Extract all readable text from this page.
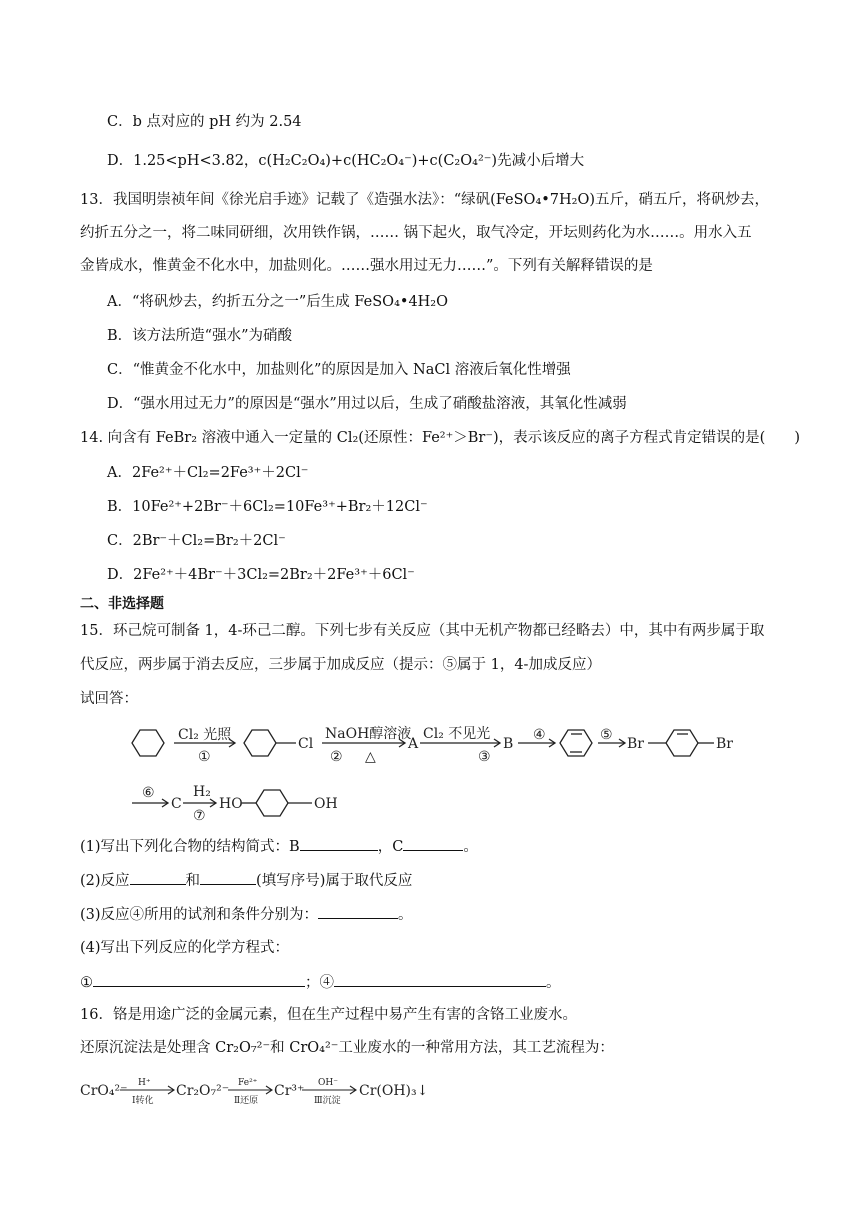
C．b 点对应的 pH 约为 2.54
D．1.25<pH<3.82，c(H₂C₂O₄)+c(HC₂O₄⁻)+c(C₂O₄²⁻)先减小后增大
13．我国明崇祯年间《徐光启手迹》记载了《造强水法》：“绿矾(FeSO₄•7H₂O)五斤，硝五斤，将矾炒去，
约折五分之一，将二味同研细，次用铁作锅，…… 锅下起火，取气冷定，开坛则药化为水……。用水入五
金皆成水，惟黄金不化水中，加盐则化。……强水用过无力……”。下列有关解释错误的是
A．“将矾炒去，约折五分之一”后生成 FeSO₄•4H₂O
B．该方法所造“强水”为硝酸
C．“惟黄金不化水中，加盐则化”的原因是加入 NaCl 溶液后氧化性增强
D．“强水用过无力”的原因是“强水”用过以后，生成了硝酸盐溶液，其氧化性减弱
14. 向含有 FeBr₂ 溶液中通入一定量的 Cl₂(还原性：Fe²⁺＞Br⁻)，表示该反应的离子方程式肯定错误的是(　　)
A．2Fe²⁺＋Cl₂=2Fe³⁺＋2Cl⁻
B．10Fe²⁺+2Br⁻＋6Cl₂=10Fe³⁺+Br₂＋12Cl⁻
C．2Br⁻＋Cl₂=Br₂＋2Cl⁻
D．2Fe²⁺＋4Br⁻＋3Cl₂=2Br₂＋2Fe³⁺＋6Cl⁻
二、非选择题
15．环己烷可制备 1，4-环己二醇。下列七步有关反应（其中无机产物都已经略去）中，其中有两步属于取
代反应，两步属于消去反应，三步属于加成反应（提示：⑤属于 1，4-加成反应）
试回答：
Cl₂ 光照
①
Cl
NaOH醇溶液
② △
A
Cl₂ 不见光
③
B
④	⑤
Br	Br
⑥
C
H₂
⑦
HO	OH
(1)写出下列化合物的结构简式：B	，C	。
(2)反应	和	(填写序号)属于取代反应
(3)反应④所用的试剂和条件分别为：	。
(4)写出下列反应的化学方程式：
①	；④	。
16．铬是用途广泛的金属元素，但在生产过程中易产生有害的含铬工业废水。
还原沉淀法是处理含 Cr₂O₇²⁻和 CrO₄²⁻工业废水的一种常用方法，其工艺流程为：
CrO₄²⁻ H⁺
Ⅰ转化
Cr₂O₇²⁻ Fe²⁺
Ⅱ还原
Cr³⁺ OH⁻
Ⅲ沉淀
Cr(OH)₃↓
